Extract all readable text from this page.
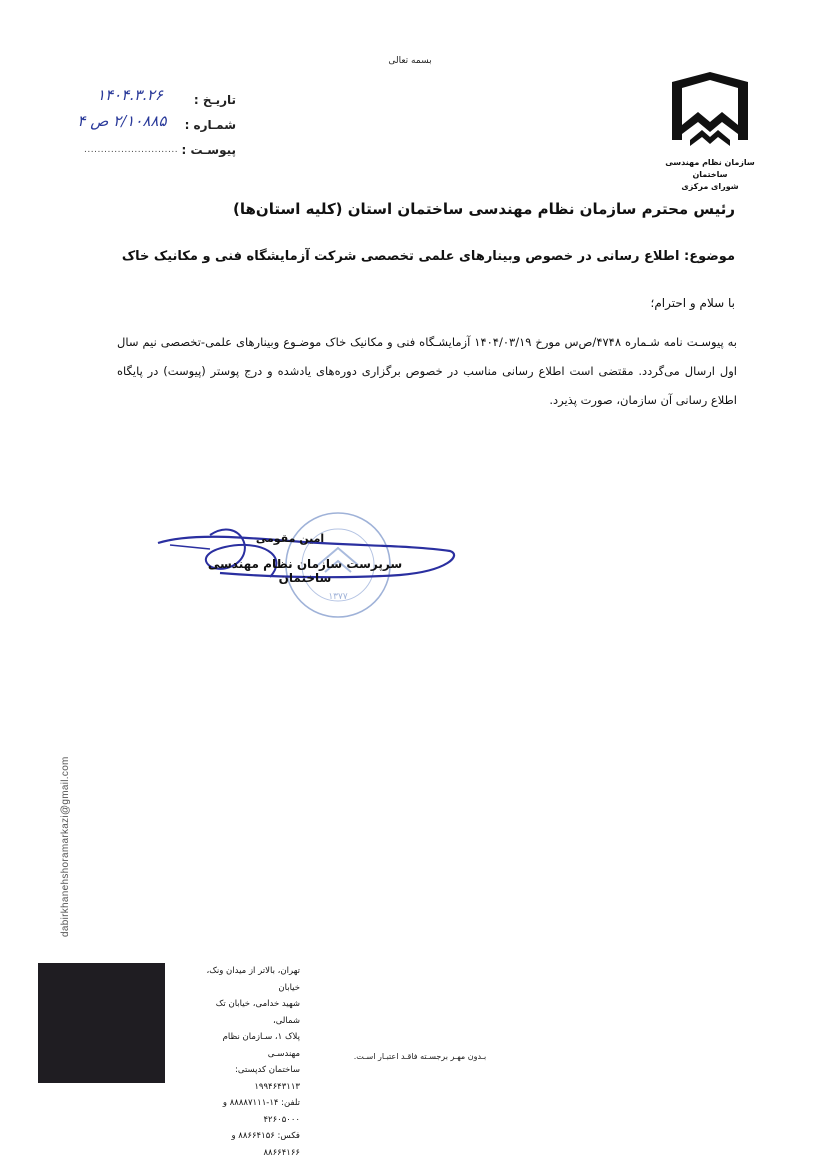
بسمه تعالی
سازمان نظام مهندسی ساختمان
شورای مرکزی
تاریـخ :
۱۴۰۴.۳.۲۶
شمـاره :
۲/۱۰۸۸۵ ص ۴
پیوسـت :
............................
رئیس محترم سازمان نظام مهندسی ساختمان استان (کلیه استان‌ها)
موضوع: اطلاع رسانی در خصوص وبینارهای علمی تخصصی شرکت آزمایشگاه فنی و مکانیک خاک
با سلام و احترام؛
به پیوسـت نامه شـماره ۴۷۴۸/ص‌س مورخ ۱۴۰۴/۰۳/۱۹ آزمایشـگاه فنی و مکانیک خاک موضـوع وبینارهای علمی-تخصصی نیم سال اول ارسال می‌گردد. مقتضی است اطلاع رسانی مناسب در خصوص برگزاری دوره‌های یادشده و درج پوستر (پیوست) در پایگاه اطلاع رسانی آن سازمان، صورت پذیرد.
۱۳۷۷
امین مقومی
سرپرست سازمان نظام مهندسی ساختمان
dabirkhanehshoramarkazi@gmail.com
تهران، بالاتر از میدان ونک، خیابان
شهید خدامی، خیابان تک شمالی،
پلاک ۱، سـازمان نظام مهندسـی
ساختمان کدپستی: ۱۹۹۴۶۴۳۱۱۳
تلفن: ۱۴-۸۸۸۸۷۱۱۱ و ۴۲۶۰۵۰۰۰
فکس: ۸۸۶۶۴۱۵۶ و ۸۸۶۶۴۱۶۶
بـدون مهـر برجسـته فاقـد اعتبـار اسـت.
